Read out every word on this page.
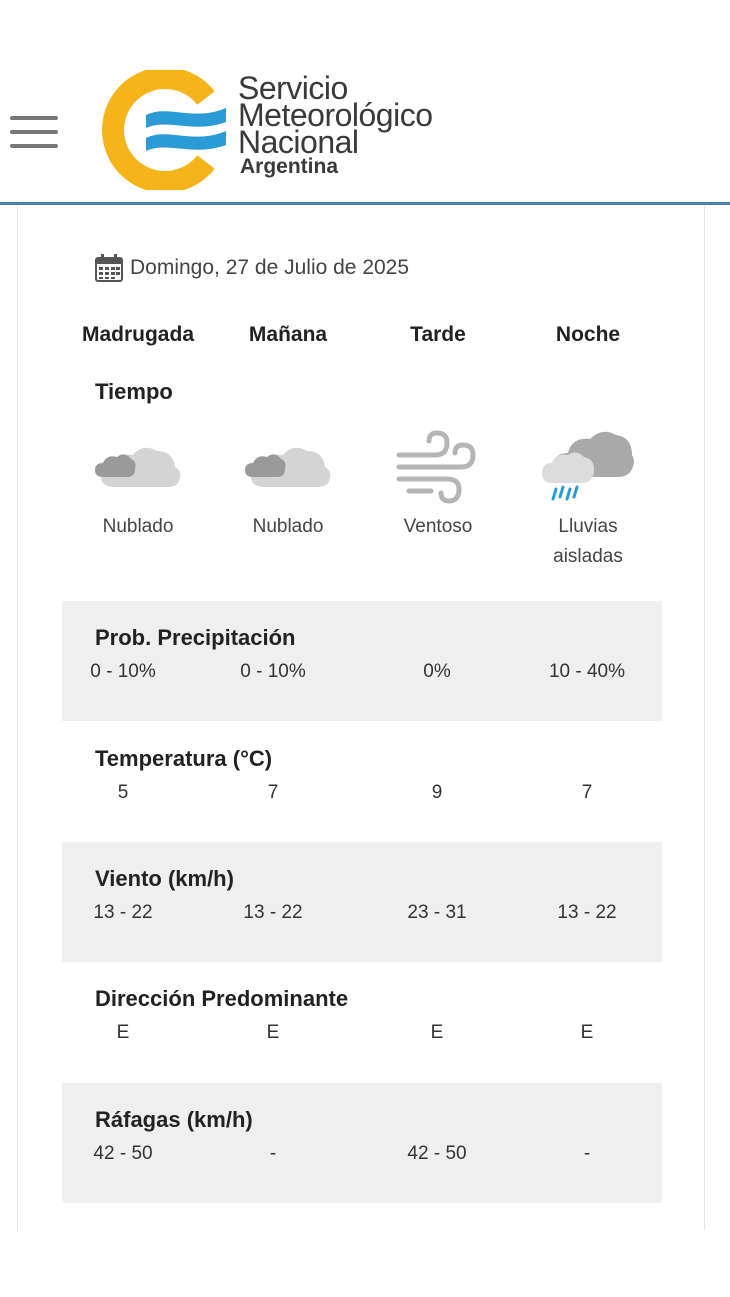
Servicio
Meteorológico
Nacional
Argentina
Domingo, 27 de Julio de 2025
Madrugada	Mañana	Tarde	Noche
Tiempo
Nublado	Nublado	Ventoso	Lluvias aisladas
Prob. Precipitación
0 - 10%	0 - 10%	0%	10 - 40%
Temperatura (°C)
5	7	9	7
Viento (km/h)
13 - 22	13 - 22	23 - 31	13 - 22
Dirección Predominante
E	E	E	E
Ráfagas (km/h)
42 - 50	-	42 - 50	-
